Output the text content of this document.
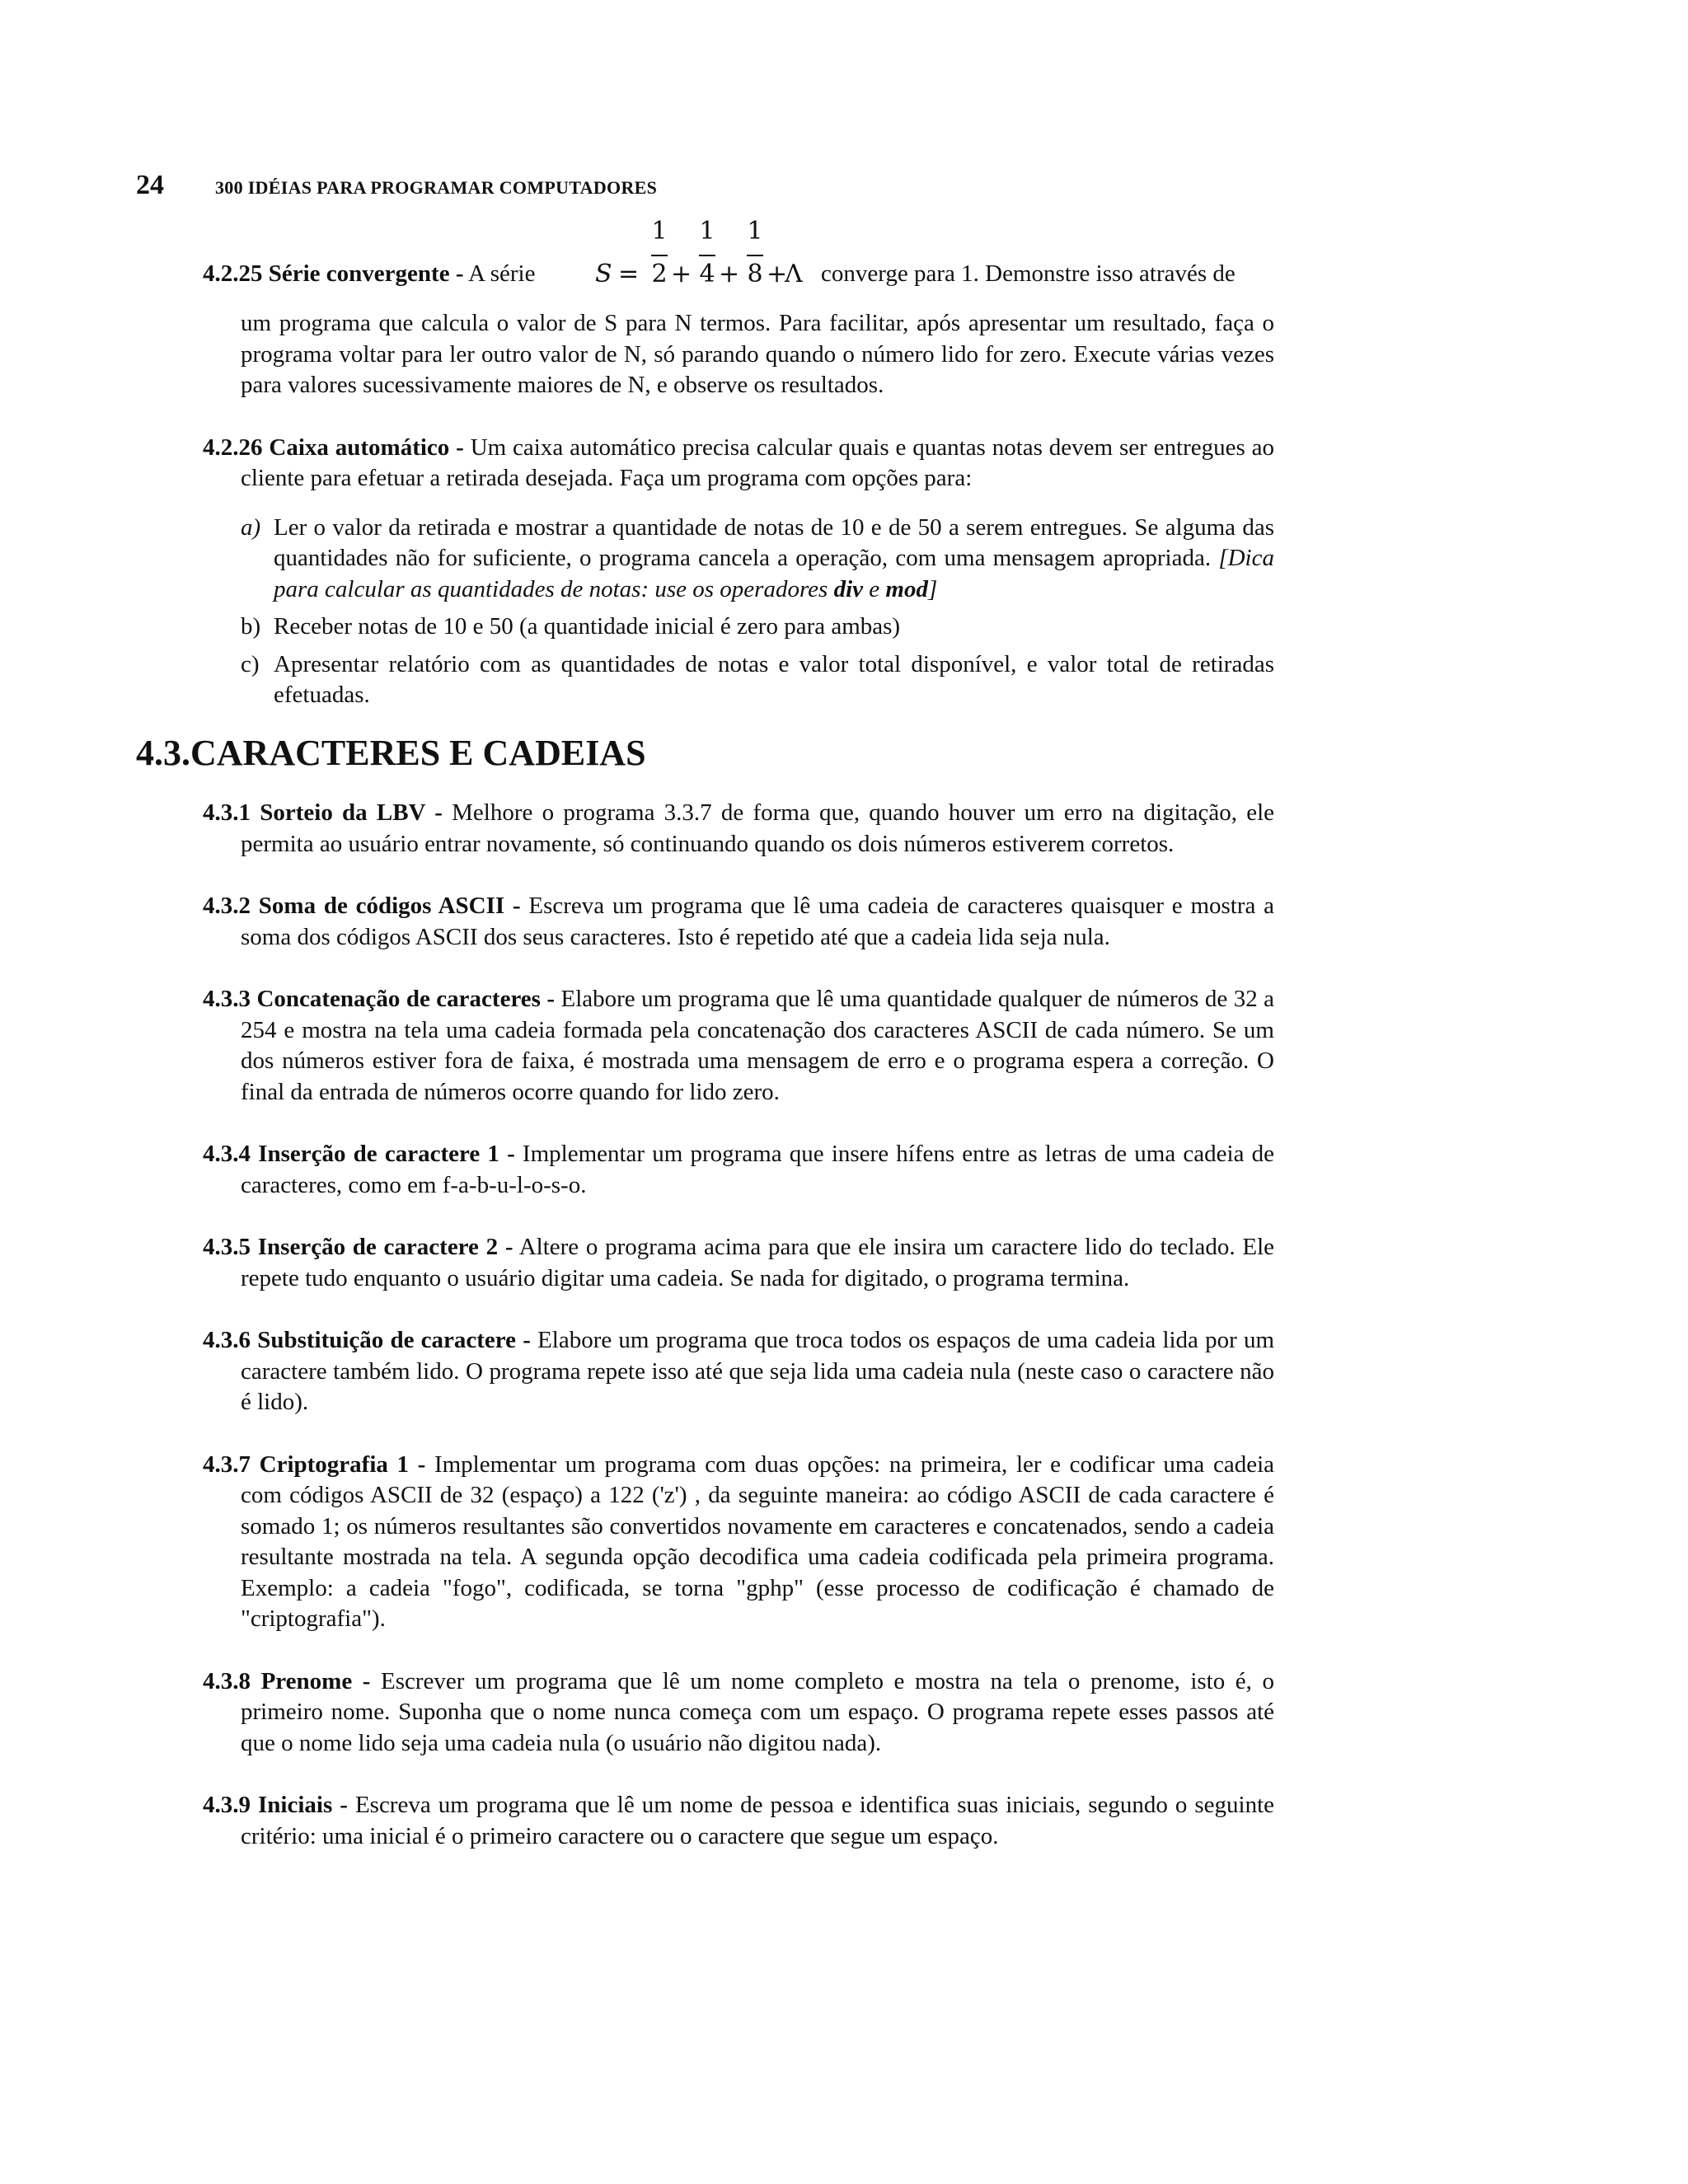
24	300 IDÉIAS PARA PROGRAMAR COMPUTADORES
4.2.25 Série convergente - A série S =
1
2 +
1
4 +
1
8 +
Λ converge para 1. Demonstre isso através de

um programa que calcula o valor de S para N termos. Para facilitar, após apresentar um resultado, faça o programa voltar para ler outro valor de N, só parando quando o número lido for zero. Execute várias vezes para valores sucessivamente maiores de N, e observe os resultados.

4.2.26 Caixa automático - Um caixa automático precisa calcular quais e quantas notas devem ser entregues ao cliente para efetuar a retirada desejada. Faça um programa com opções para:

a) Ler o valor da retirada e mostrar a quantidade de notas de 10 e de 50 a serem entregues. Se alguma das quantidades não for suficiente, o programa cancela a operação, com uma mensagem apropriada. [Dica para calcular as quantidades de notas: use os operadores div e mod]
b) Receber notas de 10 e 50 (a quantidade inicial é zero para ambas)
c) Apresentar relatório com as quantidades de notas e valor total disponível, e valor total de retiradas efetuadas.
4.3.CARACTERES E CADEIAS

4.3.1 Sorteio da LBV - Melhore o programa 3.3.7 de forma que, quando houver um erro na digitação, ele permita ao usuário entrar novamente, só continuando quando os dois números estiverem corretos.

4.3.2 Soma de códigos ASCII - Escreva um programa que lê uma cadeia de caracteres quaisquer e mostra a soma dos códigos ASCII dos seus caracteres. Isto é repetido até que a cadeia lida seja nula.

4.3.3 Concatenação de caracteres - Elabore um programa que lê uma quantidade qualquer de números de 32 a 254 e mostra na tela uma cadeia formada pela concatenação dos caracteres ASCII de cada número. Se um dos números estiver fora de faixa, é mostrada uma mensagem de erro e o programa espera a correção. O final da entrada de números ocorre quando for lido zero.

4.3.4 Inserção de caractere 1 - Implementar um programa que insere hífens entre as letras de uma cadeia de caracteres, como em f-a-b-u-l-o-s-o.

4.3.5 Inserção de caractere 2 - Altere o programa acima para que ele insira um caractere lido do teclado. Ele repete tudo enquanto o usuário digitar uma cadeia. Se nada for digitado, o programa termina.

4.3.6 Substituição de caractere - Elabore um programa que troca todos os espaços de uma cadeia lida por um caractere também lido. O programa repete isso até que seja lida uma cadeia nula (neste caso o caractere não é lido).

4.3.7 Criptografia 1 - Implementar um programa com duas opções: na primeira, ler e codificar uma cadeia com códigos ASCII de 32 (espaço) a 122 ('z') , da seguinte maneira: ao código ASCII de cada caractere é somado 1; os números resultantes são convertidos novamente em caracteres e concatenados, sendo a cadeia resultante mostrada na tela. A segunda opção decodifica uma cadeia codificada pela primeira programa. Exemplo: a cadeia "fogo", codificada, se torna "gphp" (esse processo de codificação é chamado de "criptografia").

4.3.8 Prenome - Escrever um programa que lê um nome completo e mostra na tela o prenome, isto é, o primeiro nome. Suponha que o nome nunca começa com um espaço. O programa repete esses passos até que o nome lido seja uma cadeia nula (o usuário não digitou nada).

4.3.9 Iniciais - Escreva um programa que lê um nome de pessoa e identifica suas iniciais, segundo o seguinte critério: uma inicial é o primeiro caractere ou o caractere que segue um espaço.
